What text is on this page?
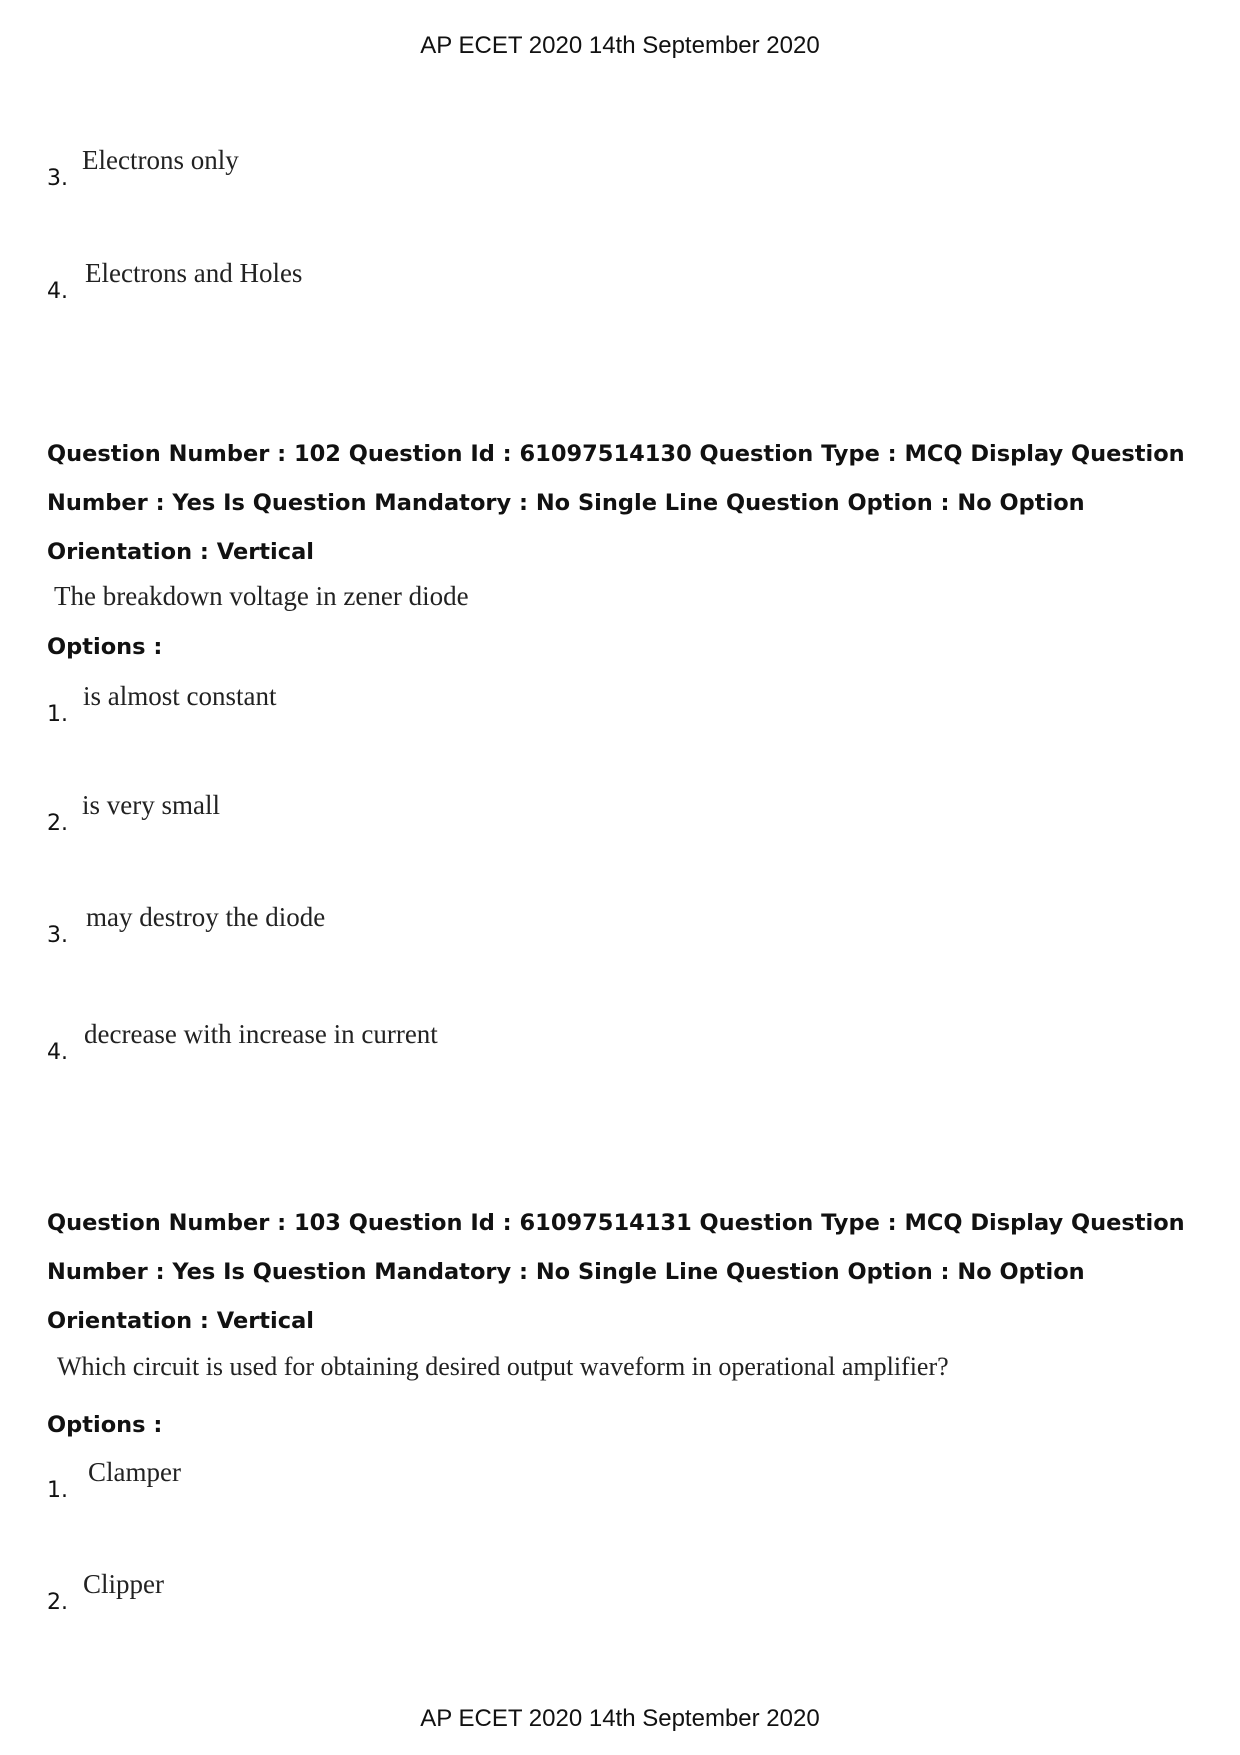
AP ECET 2020 14th September 2020
3.
Electrons only
4.
Electrons and Holes
Question Number : 102 Question Id : 61097514130 Question Type : MCQ Display Question
Number : Yes Is Question Mandatory : No Single Line Question Option : No Option
Orientation : Vertical
The breakdown voltage in zener diode
Options :
1.
is almost constant
2.
is very small
3.
may destroy the diode
4.
decrease with increase in current
Question Number : 103 Question Id : 61097514131 Question Type : MCQ Display Question
Number : Yes Is Question Mandatory : No Single Line Question Option : No Option
Orientation : Vertical
Which circuit is used for obtaining desired output waveform in operational amplifier?
Options :
1.
Clamper
2.
Clipper
AP ECET 2020 14th September 2020
